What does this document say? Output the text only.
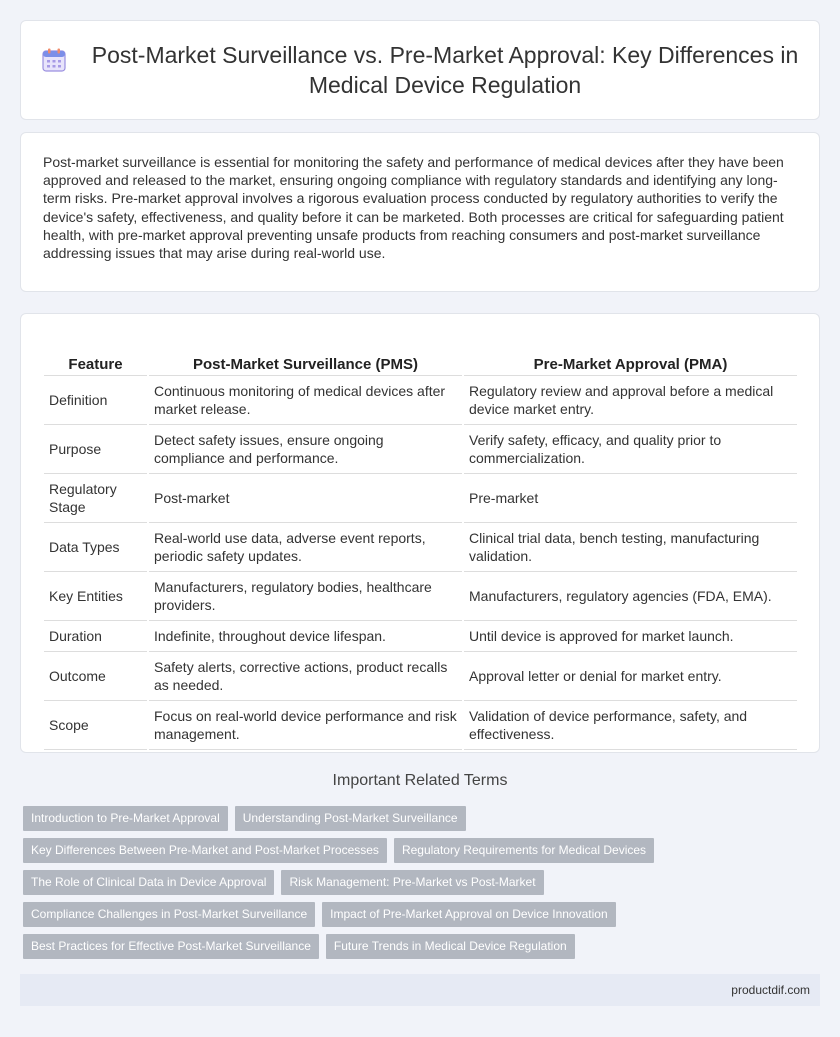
Post-Market Surveillance vs. Pre-Market Approval: Key Differences in Medical Device Regulation

Post-market surveillance is essential for monitoring the safety and performance of medical devices after they have been approved and released to the market, ensuring ongoing compliance with regulatory standards and identifying any long-term risks. Pre-market approval involves a rigorous evaluation process conducted by regulatory authorities to verify the device's safety, effectiveness, and quality before it can be marketed. Both processes are critical for safeguarding patient health, with pre-market approval preventing unsafe products from reaching consumers and post-market surveillance addressing issues that may arise during real-world use.

Feature	Post-Market Surveillance (PMS)	Pre-Market Approval (PMA)
Definition	Continuous monitoring of medical devices after market release.	Regulatory review and approval before a medical device market entry.
Purpose	Detect safety issues, ensure ongoing compliance and performance.	Verify safety, efficacy, and quality prior to commercialization.
Regulatory Stage	Post-market	Pre-market
Data Types	Real-world use data, adverse event reports, periodic safety updates.	Clinical trial data, bench testing, manufacturing validation.
Key Entities	Manufacturers, regulatory bodies, healthcare providers.	Manufacturers, regulatory agencies (FDA, EMA).
Duration	Indefinite, throughout device lifespan.	Until device is approved for market launch.
Outcome	Safety alerts, corrective actions, product recalls as needed.	Approval letter or denial for market entry.
Scope	Focus on real-world device performance and risk management.	Validation of device performance, safety, and effectiveness.
Important Related Terms
Introduction to Pre-Market Approval	Understanding Post-Market Surveillance
Key Differences Between Pre-Market and Post-Market Processes	Regulatory Requirements for Medical Devices
The Role of Clinical Data in Device Approval	Risk Management: Pre-Market vs Post-Market
Compliance Challenges in Post-Market Surveillance	Impact of Pre-Market Approval on Device Innovation
Best Practices for Effective Post-Market Surveillance	Future Trends in Medical Device Regulation
productdif.com
